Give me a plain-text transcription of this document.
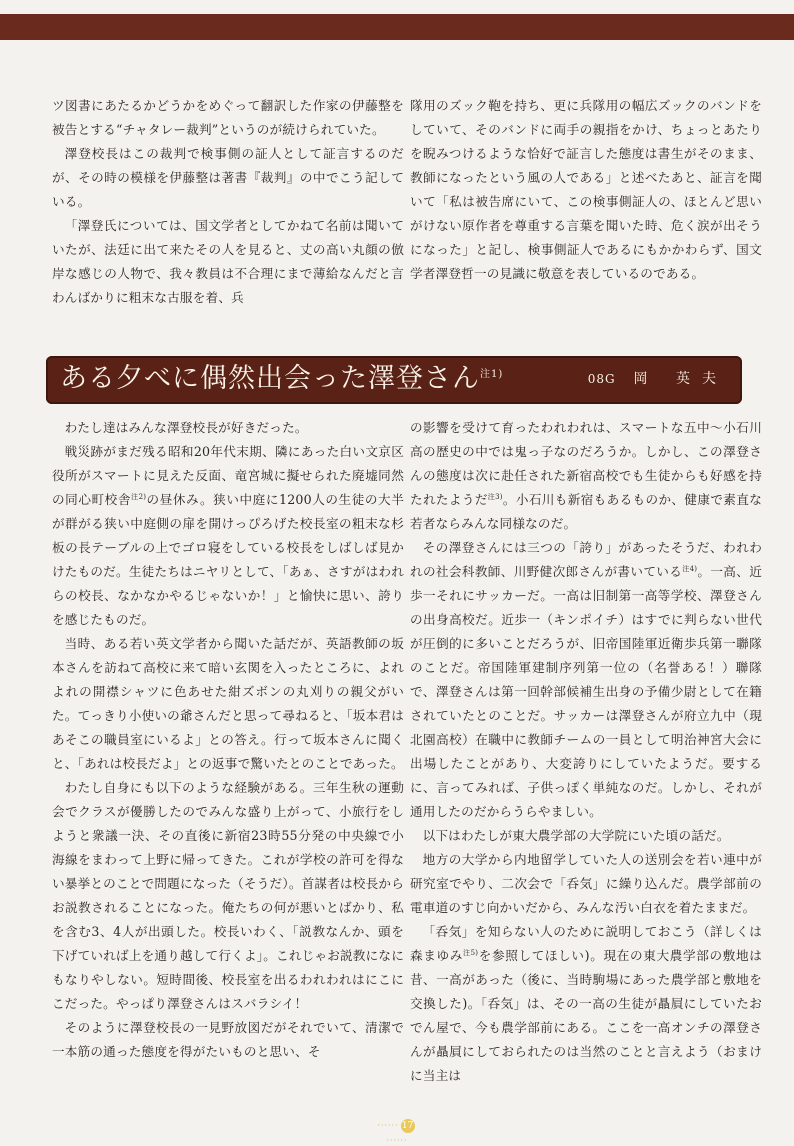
ツ図書にあたるかどうかをめぐって翻訳した作家の伊藤整を被告とする“チャタレー裁判”というのが続けられていた。

澤登校長はこの裁判で検事側の証人として証言するのだが、その時の模様を伊藤整は著書『裁判』の中でこう記している。

「澤登氏については、国文学者としてかねて名前は聞いていたが、法廷に出て来たその人を見ると、丈の高い丸顔の倣岸な感じの人物で、我々教員は不合理にまで薄給なんだと言わんばかりに粗末な古服を着、兵

隊用のズック鞄を持ち、更に兵隊用の幅広ズックのバンドをしていて、そのバンドに両手の親指をかけ、ちょっとあたりを睨みつけるような恰好で証言した態度は書生がそのまま、教師になったという風の人である」と述べたあと、証言を聞いて「私は被告席にいて、この検事側証人の、ほとんど思いがけない原作者を尊重する言葉を聞いた時、危く涙が出そうになった」と記し、検事側証人であるにもかかわらず、国文学者澤登哲一の見識に敬意を表しているのである。

ある夕べに偶然出会った澤登さん$^{注1)}$	08G 岡 英夫

わたし達はみんな澤登校長が好きだった。

戦災跡がまだ残る昭和20年代末期、隣にあった白い文京区役所がスマートに見えた反面、竜宮城に擬せられた廃墟同然の同心町校舎$^{注2)}$の昼休み。狭い中庭に1200人の生徒の大半が群がる狭い中庭側の扉を開けっぴろげた校長室の粗末な杉板の長テーブルの上でゴロ寝をしている校長をしばしば見かけたものだ。生徒たちはニヤリとして、「あぁ、さすがはわれらの校長、なかなかやるじゃないか！」と愉快に思い、誇りを感じたものだ。

当時、ある若い英文学者から聞いた話だが、英語教師の坂本さんを訪ねて高校に来て暗い玄関を入ったところに、よれよれの開襟シャツに色あせた紺ズボンの丸刈りの親父がいた。てっきり小使いの爺さんだと思って尋ねると、「坂本君はあそこの職員室にいるよ」との答え。行って坂本さんに聞くと、「あれは校長だよ」との返事で驚いたとのことであった。

わたし自身にも以下のような経験がある。三年生秋の運動会でクラスが優勝したのでみんな盛り上がって、小旅行をしようと衆議一決、その直後に新宿23時55分発の中央線で小海線をまわって上野に帰ってきた。これが学校の許可を得ない暴挙とのことで問題になった（そうだ）。首謀者は校長からお説教されることになった。俺たちの何が悪いとばかり、私を含む3、4人が出頭した。校長いわく、「説教なんか、頭を下げていれば上を通り越して行くよ」。これじゃお説教になにもなりやしない。短時間後、校長室を出るわれわれはにこにこだった。やっぱり澤登さんはスバラシイ！

そのように澤登校長の一見野放図だがそれでいて、清潔で一本筋の通った態度を得がたいものと思い、そ

の影響を受けて育ったわれわれは、スマートな五中～小石川高の歴史の中では鬼っ子なのだろうか。しかし、この澤登さんの態度は次に赴任された新宿高校でも生徒からも好感を持たれたようだ$^{注3)}$。小石川も新宿もあるものか、健康で素直な若者ならみんな同様なのだ。

その澤登さんには三つの「誇り」があったそうだ、われわれの社会科教師、川野健次郎さんが書いている$^{注4)}$。一高、近歩一それにサッカーだ。一高は旧制第一高等学校、澤登さんの出身高校だ。近歩一（キンポイチ）はすでに判らない世代が圧倒的に多いことだろうが、旧帝国陸軍近衛歩兵第一聯隊のことだ。帝国陸軍建制序列第一位の（名誉ある！）聯隊で、澤登さんは第一回幹部候補生出身の予備少尉として在籍されていたとのことだ。サッカーは澤登さんが府立九中（現北園高校）在職中に教師チームの一員として明治神宮大会に出場したことがあり、大変誇りにしていたようだ。要するに、言ってみれば、子供っぽく単純なのだ。しかし、それが通用したのだからうらやましい。

以下はわたしが東大農学部の大学院にいた頃の話だ。

地方の大学から内地留学していた人の送別会を若い連中が研究室でやり、二次会で「呑気」に繰り込んだ。農学部前の電車道のすじ向かいだから、みんな汚い白衣を着たままだ。

「呑気」を知らない人のために説明しておこう（詳しくは森まゆみ$^{注5)}$を参照してほしい)。現在の東大農学部の敷地は昔、一高があった（後に、当時駒場にあった農学部と敷地を交換した)。「呑気」は、その一高の生徒が贔屓にしていたおでん屋で、今も農学部前にある。ここを一高オンチの澤登さんが贔屓にしておられたのは当然のことと言えよう（おまけに当主は

······ 17······
